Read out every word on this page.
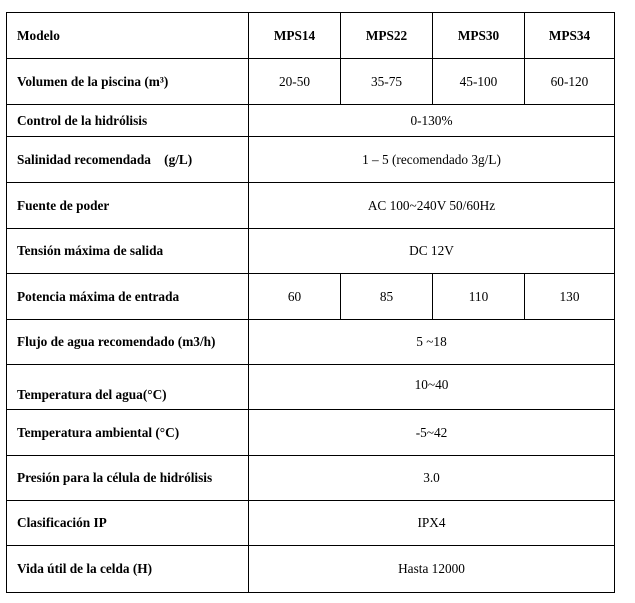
Modelo	MPS14	MPS22	MPS30	MPS34
Volumen de la piscina (m³)	20-50	35-75	45-100	60-120
Control de la hidrólisis	0-130%			
Salinidad recomendada    (g/L)	1 – 5 (recomendado 3g/L)			
Fuente de poder	AC 100~240V 50/60Hz			
Tensión máxima de salida	DC 12V			
Potencia máxima de entrada	60	85	110	130
Flujo de agua recomendado (m3/h)	5 ~18			
Temperatura del agua(°C)	10~40			
Temperatura ambiental (°C)	-5~42			
Presión para la célula de hidrólisis	3.0			
Clasificación IP	IPX4			
Vida útil de la celda (H)	Hasta 12000			
